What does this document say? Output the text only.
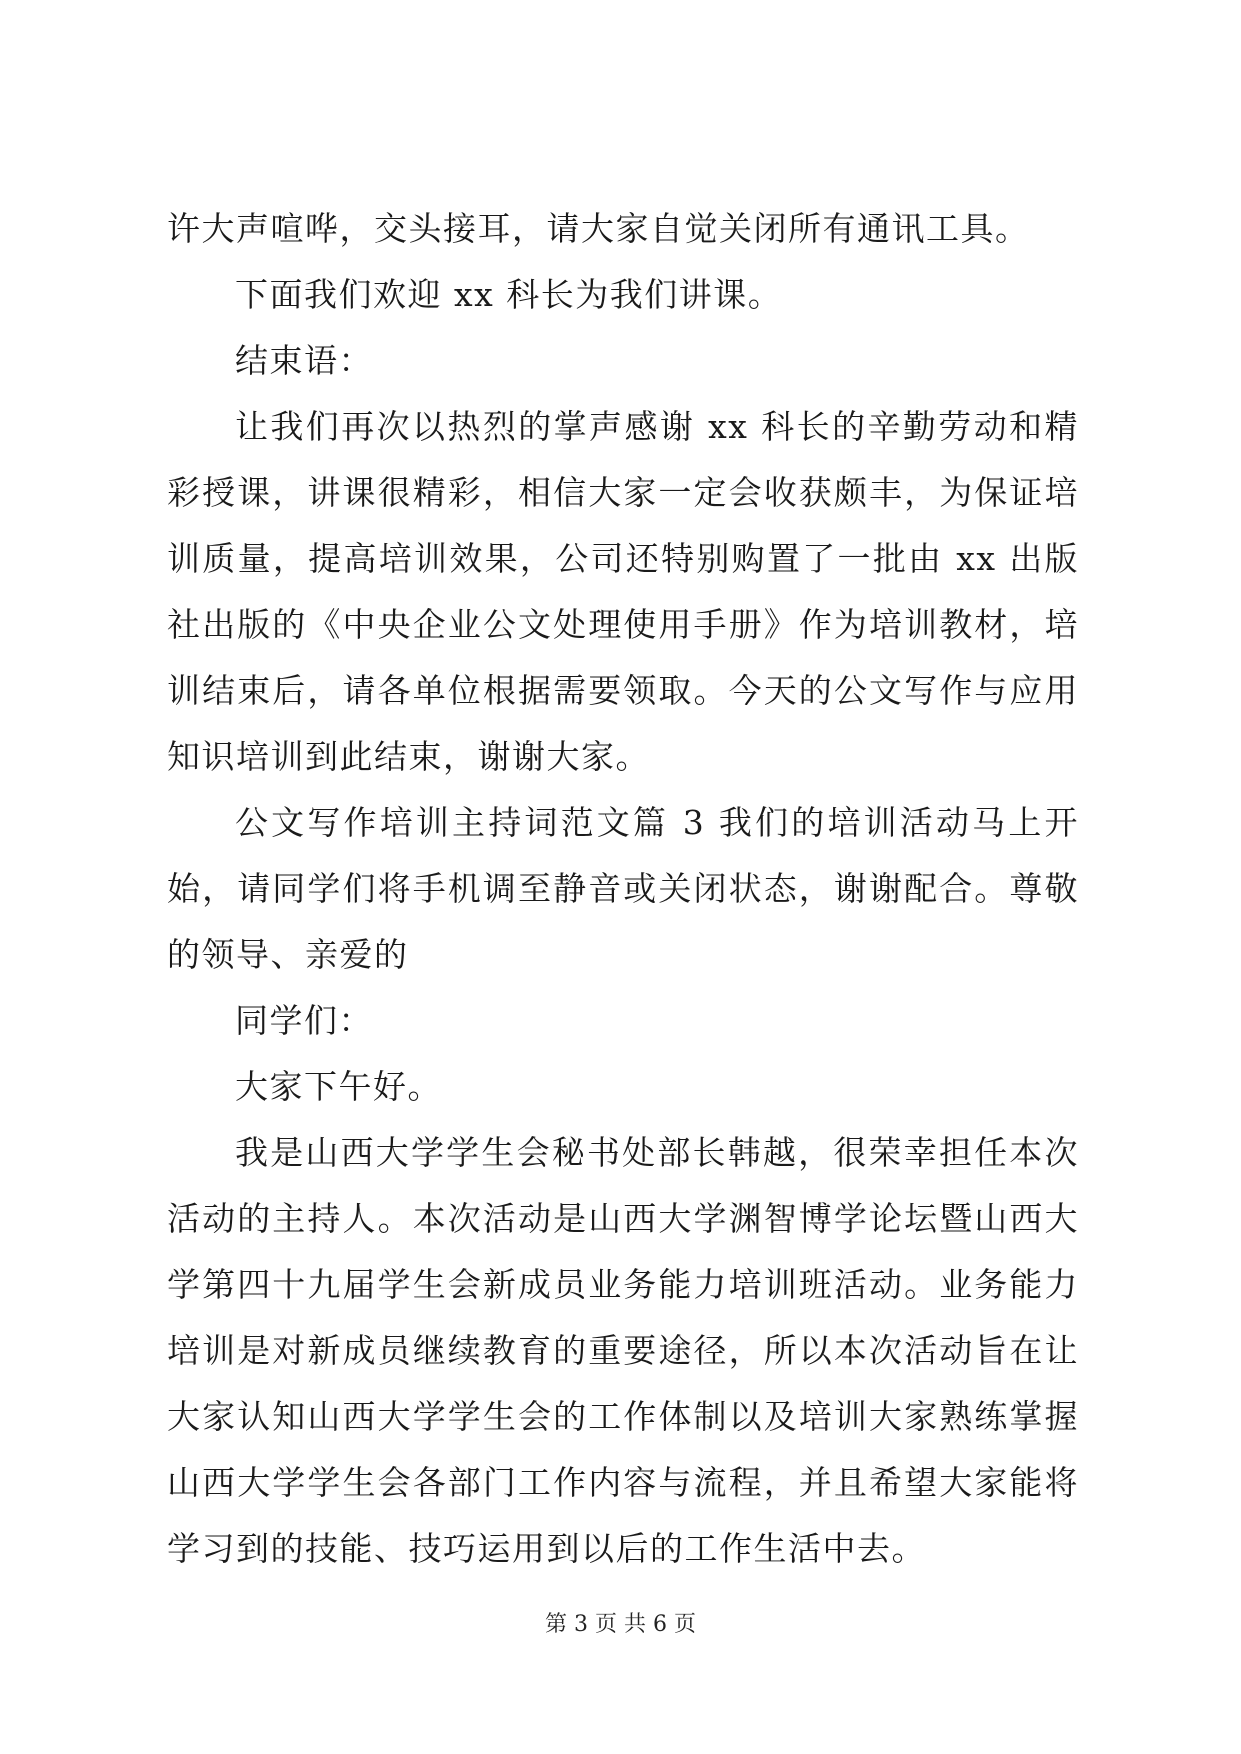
许大声喧哗，交头接耳，请大家自觉关闭所有通讯工具。

下面我们欢迎 xx 科长为我们讲课。

结束语：

让我们再次以热烈的掌声感谢 xx 科长的辛勤劳动和精彩授课，讲课很精彩，相信大家一定会收获颇丰，为保证培训质量，提高培训效果，公司还特别购置了一批由 xx 出版社出版的《中央企业公文处理使用手册》作为培训教材，培训结束后，请各单位根据需要领取。今天的公文写作与应用知识培训到此结束，谢谢大家。

公文写作培训主持词范文篇 3 我们的培训活动马上开始，请同学们将手机调至静音或关闭状态，谢谢配合。尊敬的领导、亲爱的

同学们：

大家下午好。

我是山西大学学生会秘书处部长韩越，很荣幸担任本次活动的主持人。本次活动是山西大学渊智博学论坛暨山西大学第四十九届学生会新成员业务能力培训班活动。业务能力培训是对新成员继续教育的重要途径，所以本次活动旨在让大家认知山西大学学生会的工作体制以及培训大家熟练掌握山西大学学生会各部门工作内容与流程，并且希望大家能将学习到的技能、技巧运用到以后的工作生活中去。

第 3 页 共 6 页
